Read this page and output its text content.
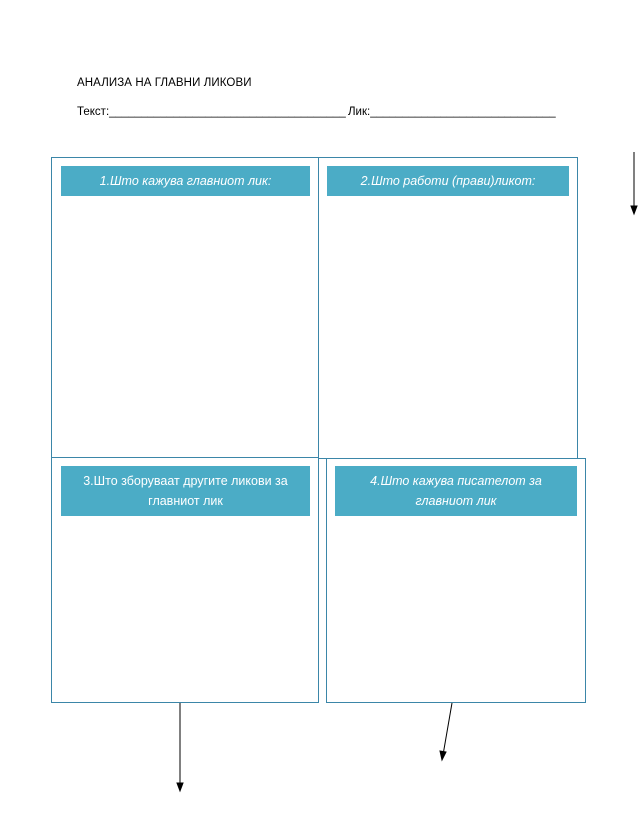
АНАЛИЗА НА ГЛАВНИ ЛИКОВИ
Текст:_____________________________________ Лик:_____________________________
1.Што кажува главниот лик:	2.Што работи (прави)ликот:
3.Што зборуваат другите ликови за главниот лик
4.Што кажува писателот за главниот лик
